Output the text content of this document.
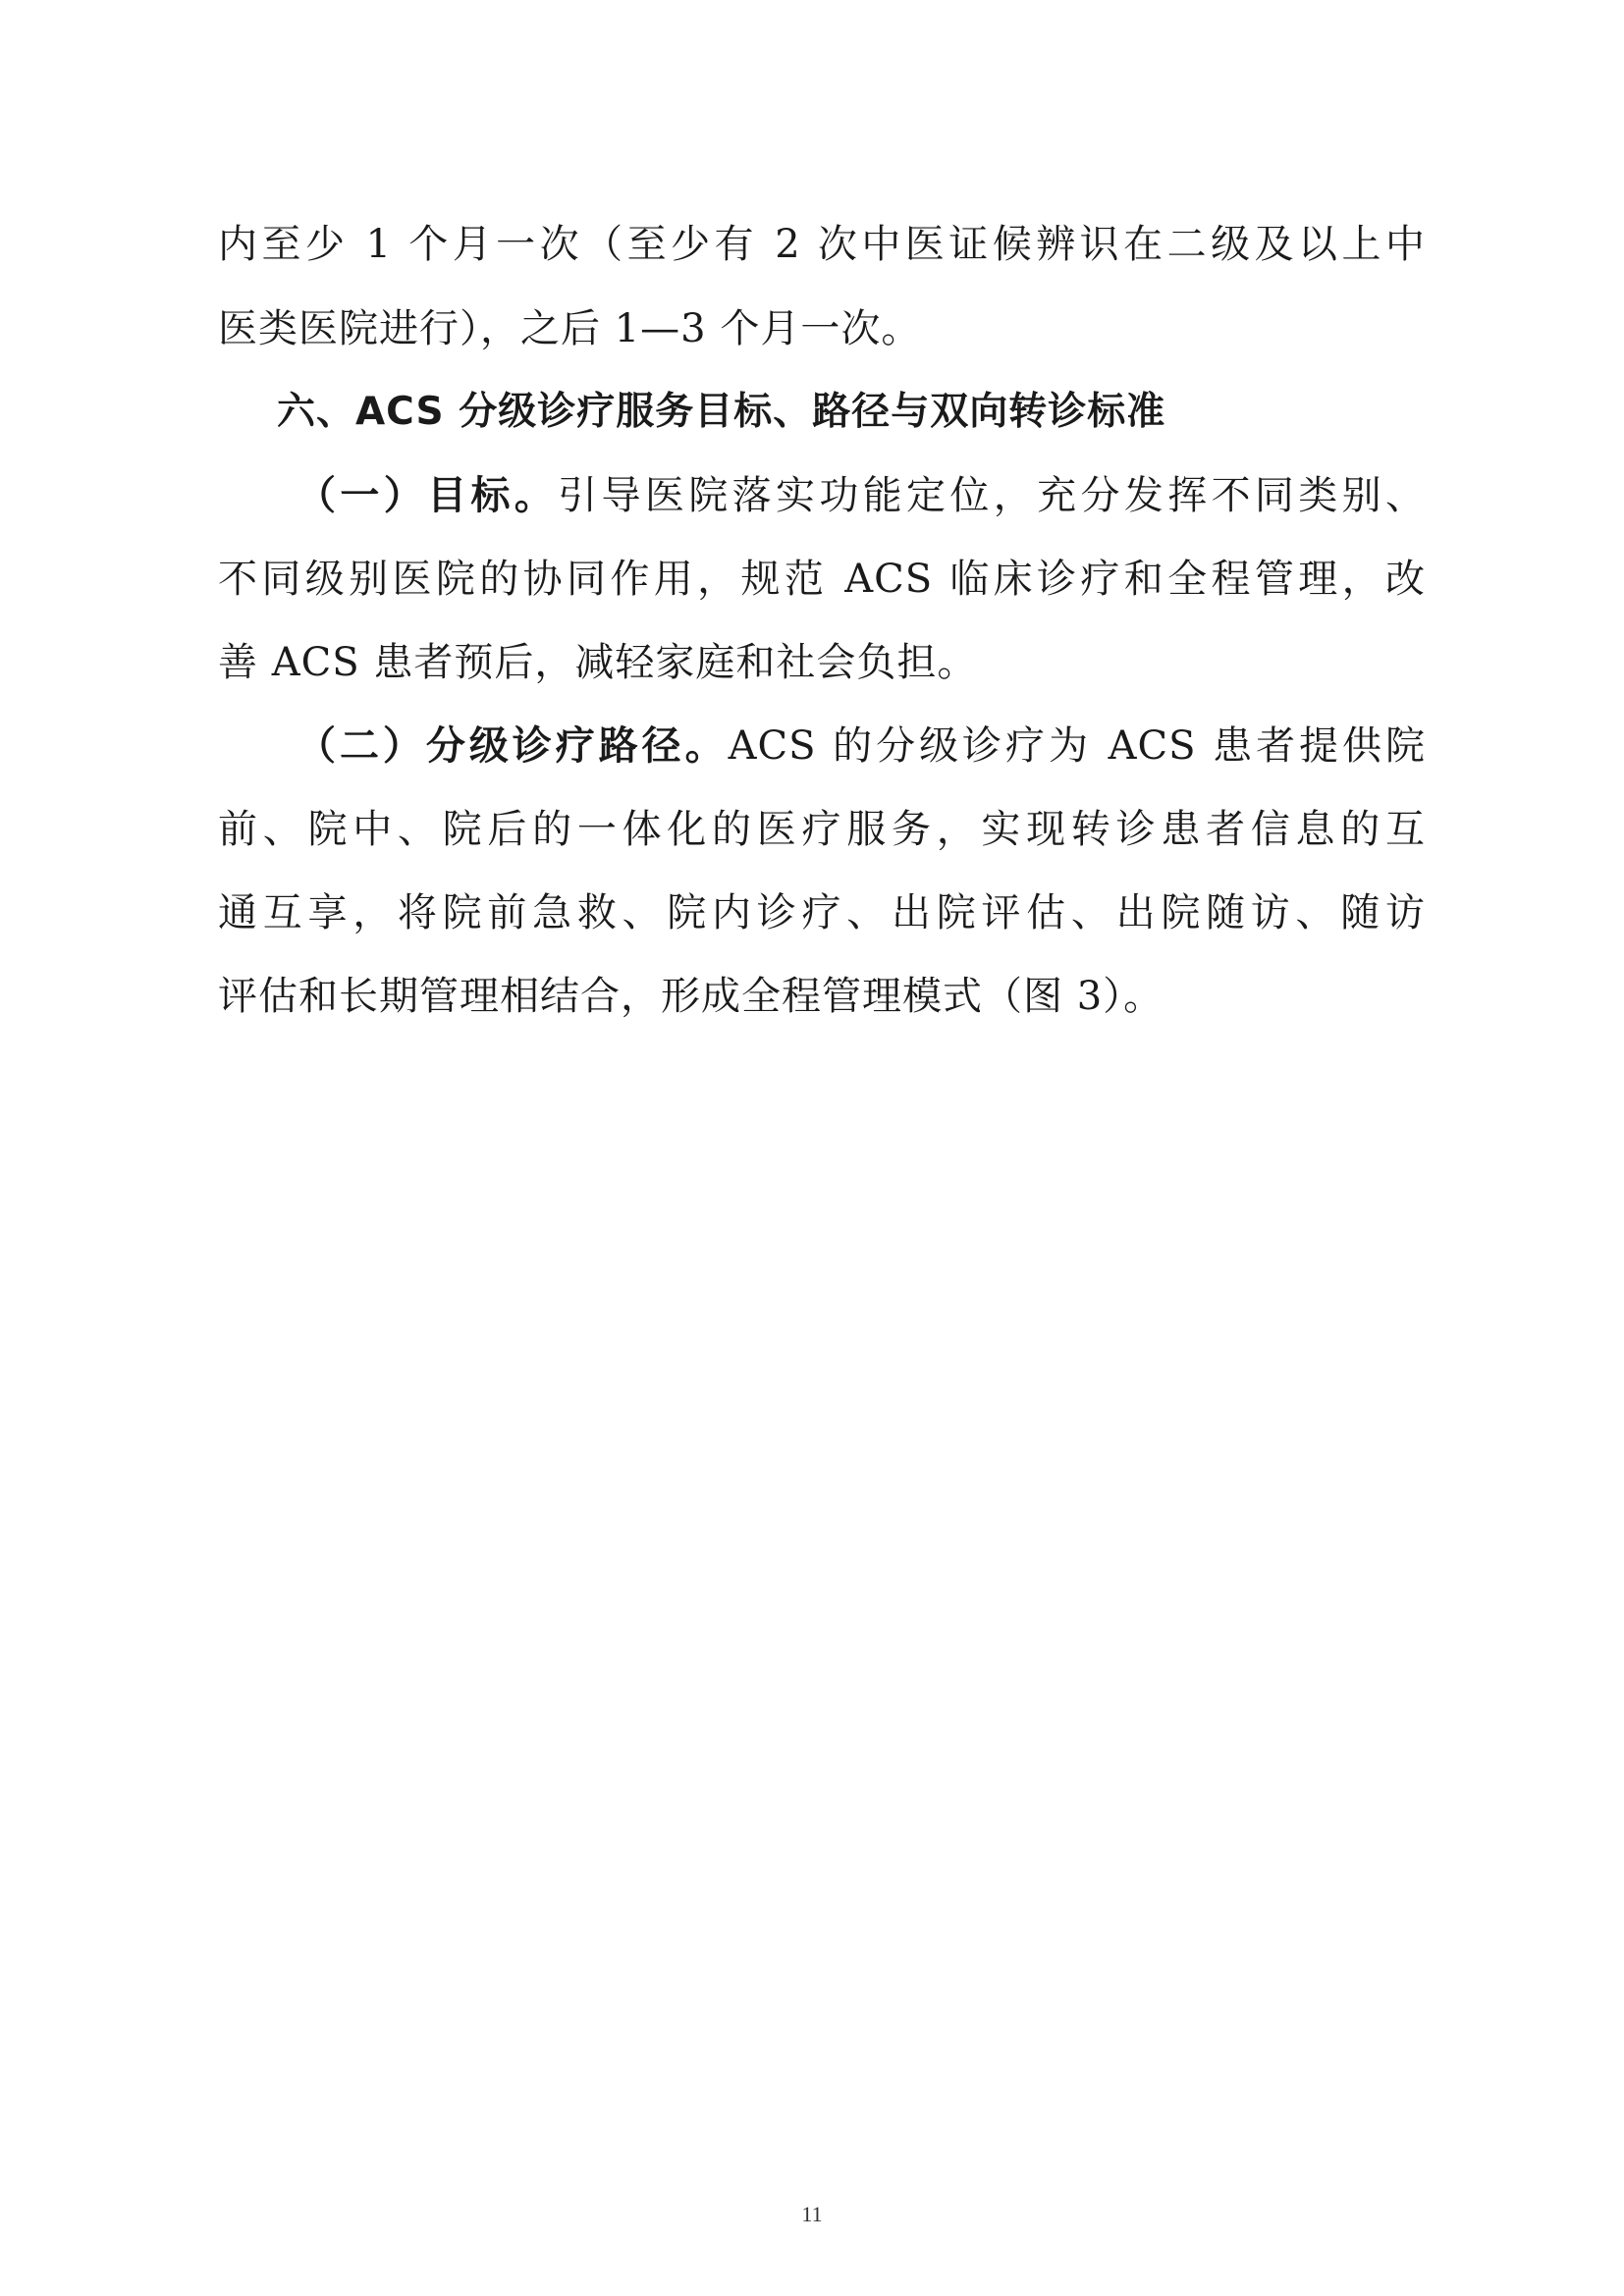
内至少 1 个月一次（至少有 2 次中医证候辨识在二级及以上中
医类医院进行），之后 1—3 个月一次。
六、ACS 分级诊疗服务目标、路径与双向转诊标准
（一）目标。引导医院落实功能定位，充分发挥不同类别、
不同级别医院的协同作用，规范 ACS 临床诊疗和全程管理，改
善 ACS 患者预后，减轻家庭和社会负担。
（二）分级诊疗路径。ACS 的分级诊疗为 ACS 患者提供院
前、院中、院后的一体化的医疗服务，实现转诊患者信息的互
通互享，将院前急救、院内诊疗、出院评估、出院随访、随访
评估和长期管理相结合，形成全程管理模式（图 3）。
11
